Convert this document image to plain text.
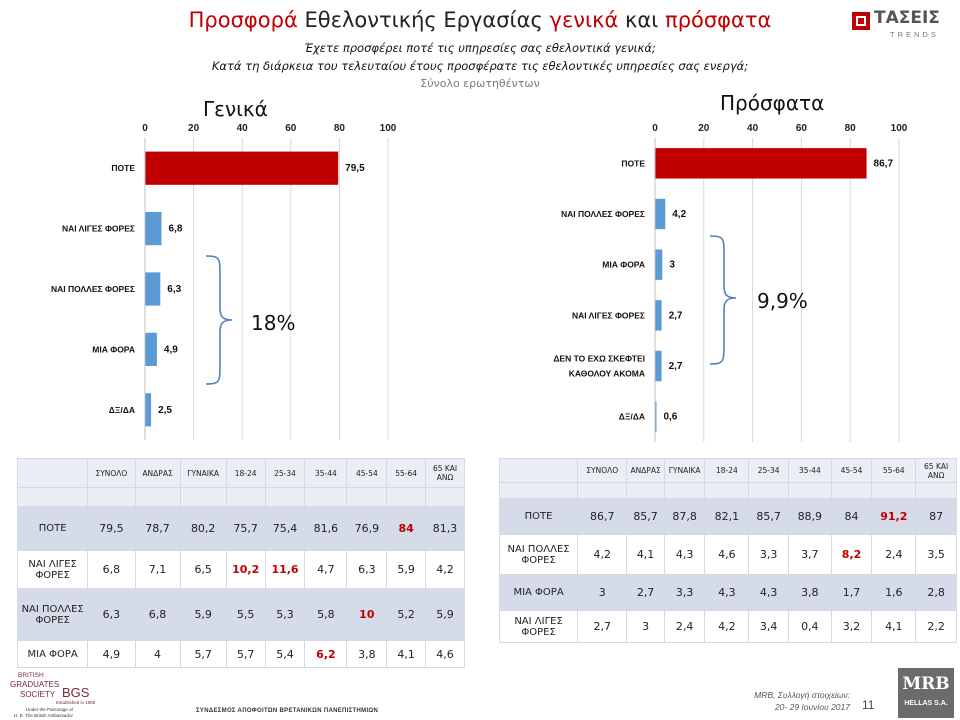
Προσφορά Εθελοντικής Εργασίας γενικά και πρόσφατα
Έχετε προσφέρει ποτέ τις υπηρεσίες σας εθελοντικά γενικά;
Κατά τη διάρκεια του τελευταίου έτους προσφέρατε τις εθελοντικές υπηρεσίες σας ενεργά;
Σύνολο ερωτηθέντων
ΤΑΣΕΙΣ
TRENDS
Γενικά	Πρόσφατα
0	20	40	60	80	100
ΠΟΤΕ	79,5
ΝΑΙ ΛΙΓΕΣ ΦΟΡΕΣ	6,8
ΝΑΙ ΠΟΛΛΕΣ ΦΟΡΕΣ	6,3
ΜΙΑ ΦΟΡΑ	4,9
ΔΞ/ΔΑ 2,5
0	20	40	60	80	100
ΠΟΤΕ	86,7
ΝΑΙ ΠΟΛΛΕΣ ΦΟΡΕΣ	4,2
ΜΙΑ ΦΟΡΑ 3
ΝΑΙ ΛΙΓΕΣ ΦΟΡΕΣ 2,7
ΔΕΝ ΤΟ ΕΧΩ ΣΚΕΦΤΕΙ
ΚΑΘΟΛΟΥ ΑΚΟΜΑ
2,7
ΔΞ/ΔΑ 0,6
18%
9,9%
	ΣΥΝΟΛΟ	ΑΝΔΡΑΣ	ΓΥΝΑΙΚΑ	18-24	25-34	35-44	45-54	55-64	65 ΚΑΙ ΑΝΩ

ΠΟΤΕ	79,5	78,7	80,2	75,7	75,4	81,6	76,9	84	81,3
ΝΑΙ ΛΙΓΕΣ ΦΟΡΕΣ	6,8	7,1	6,5	10,2	11,6	4,7	6,3	5,9	4,2
ΝΑΙ ΠΟΛΛΕΣ ΦΟΡΕΣ	6,3	6,8	5,9	5,5	5,3	5,8	10	5,2	5,9
ΜΙΑ ΦΟΡΑ	4,9	4	5,7	5,7	5,4	6,2	3,8	4,1	4,6
	ΣΥΝΟΛΟ	ΑΝΔΡΑΣ	ΓΥΝΑΙΚΑ	18-24	25-34	35-44	45-54	55-64	65 ΚΑΙ ΑΝΩ

ΠΟΤΕ	86,7	85,7	87,8	82,1	85,7	88,9	84	91,2	87
ΝΑΙ ΠΟΛΛΕΣ ΦΟΡΕΣ	4,2	4,1	4,3	4,6	3,3	3,7	8,2	2,4	3,5
ΜΙΑ ΦΟΡΑ	3	2,7	3,3	4,3	4,3	3,8	1,7	1,6	2,8
ΝΑΙ ΛΙΓΕΣ ΦΟΡΕΣ	2,7	3	2,4	4,2	3,4	0,4	3,2	4,1	2,2
BRITISH
GRADUATES
SOCIETY BGS
Established in 1958
Under the Patronage of
H. E. The British Ambassador
ΣΥΝΔΕΣΜΟΣ ΑΠΟΦΟΙΤΩΝ ΒΡΕΤΑΝΙΚΩΝ ΠΑΝΕΠΙΣΤΗΜΙΩΝ
MRB, Συλλογή στοιχείων:
20- 29 Ιουνίου 2017 11
MRB
HELLAS S.A.
